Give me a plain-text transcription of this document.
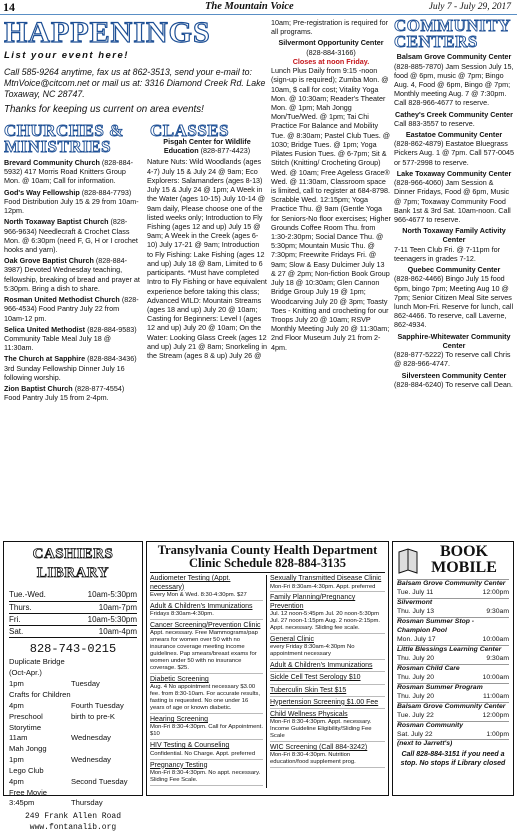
14	The Mountain Voice	July 7 - July 29, 2017
HAPPENINGS
List your event here!
Call 585-9264 anytime, fax us at 862-3513, send your e-mail to: MtnVoice@citcom.net or mail us at: 3316 Diamond Creek Rd. Lake Toxaway, NC 28747.
Thanks for keeping us current on area events!
CHURCHES &
MINISTRIES
CLASSES
Brevard Community Church (828-884-5932) 417 Morris Road Knitters Group Mon. @ 10am; Call for information.
God's Way Fellowship (828-884-7793) Food Distribution July 15 & 29 from 10am-12pm.
North Toxaway Baptist Church (828-966-9634) Needlecraft & Crochet Class Mon. @ 6:30pm (need F, G, H or I crochet hooks and yarn).
Oak Grove Baptist Church (828-884-3987) Devoted Wednesday teaching, fellowship, breaking of bread and prayer at 5:30pm. Bring a dish to share.
Rosman United Methodist Church (828-966-4534) Food Pantry July 22 from 10am-12 pm.
Selica United Methodist (828-884-9583) Community Table Meal July 18 @ 11:30am.
The Church at Sapphire (828-884-3436) 3rd Sunday Fellowship Dinner July 16 following worship.
Zion Baptist Church (828-877-4554) Food Pantry July 15 from 2-4pm.
Pisgah Center for Wildlife Education (828-877-4423)
Nature Nuts: Wild Woodlands (ages 4-7) July 15 & July 24 @ 9am; Eco Explorers: Salamanders (ages 8-13) July 15 & July 24 @ 1pm; A Week in the Water (ages 10-15) July 10-14 @ 9am daily, Please choose one of the listed weeks only; Introduction to Fly Fishing (ages 12 and up) July 15 @ 9am; A Week in the Creek (ages 6-10) July 17-21 @ 9am; Introduction to Fly Fishing: Lake Fishing (ages 12 and up) July 18 @ 8am, Limited to 6 participants. *Must have completed Intro to Fly Fishing or have equivalent experience before taking this class; Advanced WILD: Mountain Streams (ages 18 and up) July 20 @ 10am; Casting for Beginners: Level I (ages 12 and up) July 20 @ 10am; On the Water: Looking Glass Creek (ages 12 and up) July 21 @ 8am; Snorkeling in the Stream (ages 8 & up) July 26 @
10am; Pre-registration is required for all programs.
Silvermont Opportunity Center (828-884-3166)
Closes at noon Friday.
Lunch Plus Daily from 9:15 -noon (sign-up is required); Zumba Mon. @ 10am, $ call for cost; Vitality Yoga Mon. @ 10:30am; Reader's Theater Mon. @ 1pm; Mah Jongg Mon/Tue/Wed. @ 1pm; Tai Chi Practice For Balance and Mobility Tue. @ 8:30am; Pastel Club Tues. @ 1030; Bridge Tues. @ 1pm; Yoga Pilates Fusion Tues. @ 6-7pm; Sit & Stitch (Knitting/ Crocheting Group) Wed. @ 10am; Free Ageless Grace® Wed. @ 11:30am, Classroom space is limited, call to register at 684-8798. Scrabble Wed. 12:15pm; Yoga Practice Thu. @ 9am (Gentle Yoga for Seniors-No floor exercises; Higher Grounds Coffee Room Thu. from 1:30-2:30pm; Social Dance Thu. @ 5:30pm; Mountain Music Thu. @ 7:30pm; Freewrite Fridays Fri. @ 9am; Slow & Easy Dulcimer July 13 & 27 @ 2pm; Non-fiction Book Group July 18 @ 10:30am; Glen Cannon Bridge Group July 19 @ 1pm; Woodcarving July 20 @ 3pm; Toasty Toes - Knitting and crocheting for our Troops July 20 @ 10am; RSVP Monthly Meeting July 20 @ 11:30am; 2nd Floor Museum July 21 from 2-4pm.
COMMUNITY
CENTERS
Balsam Grove Community Center
(828-885-7870) Jam Session July 15, food @ 6pm, music @ 7pm; Bingo Aug. 4, Food @ 6pm, Bingo @ 7pm; Monthly meeting Aug. 7 @ 7:30pm. Call 828-966-4677 to reserve.
Cathey's Creek Community Center
Call 883-3557 to reserve.
Eastatoe Community Center
(828-862-4879) Eastatoe Bluegrass Pickers Aug. 1 @ 7pm. Call 577-0045 or 577-2998 to reserve.
Lake Toxaway Community Center
(828-966-4060) Jam Session & Dinner Fridays, Food @ 6pm, Music @ 7pm; Toxaway Community Food Bank 1st & 3rd Sat. 10am-noon. Call 966-4677 to reserve.
North Toxaway Family Activity Center
7-11 Teen Club Fri. @ 7-11pm for teenagers in grades 7-12.
Quebec Community Center
(828-862-4466) Bingo July 15 food 6pm, bingo 7pm; Meeting Aug 10 @ 7pm; Senior Citizen Meal Site serves lunch Mon-Fri. Reserve for lunch, call 862-4466. To reserve, call Laverne, 862-4934.
Sapphire-Whitewater Community Center
(828-877-5222) To reserve call Chris @ 828-966-4747.
Silversteen Community Center
(828-884-6240) To reserve call Dean.
CASHIERS LIBRARY
Tue.-Wed.	10am-5:30pm
Thurs.	10am-7pm
Fri.	10am-5:30pm
Sat.	10am-4pm
828-743-0215
Duplicate Bridge (Oct-Apr.)
1pm	Tuesday
Crafts for Children
4pm	Fourth Tuesday
Preschool Storytime
birth to pre-K
11am	Wednesday
Mah Jongg
1pm	Wednesday
Lego Club
4pm	Second Tuesday
Free Movie
3:45pm	Thursday
249 Frank Allen Road
www.fontanalib.org
Transylvania County Health Department
Clinic Schedule 828-884-3135
Audiometer Testing (Appt. necessary)
Every Mon & Wed. 8:30-4:30pm. $27
Adult & Children's Immunizations
Fridays 8:30am-4:30pm.
Cancer Screening/Prevention Clinic
Appt. necessary. Free Mammograms/pap smears for women over 50 with no insurance coverage meeting income guidelines. Pap smears/breast exams for women under 50 with no insurance coverage. $25.
Diabetic Screening
Aug. 4 No appointment necessary $3.00 fee. from 8:30-10am. For accurate results, fasting is requested. No one under 16 years of age or known diabetic.
Hearing Screening
Mon-Fri 8:30-4:30pm. Call for Appointment. $10
HIV Testing & Counseling
Confidential. No Charge. Appt. preferred
Pregnancy Testing
Mon-Fri 8:30-4:30pm. No appt. necessary. Sliding Fee Scale.
Sexually Transmitted Disease Clinic
Mon-Fri 8:30am-4:30pm. Appt. preferred
Family Planning/Pregnancy Prevention
Jul. 12 noon-5:45pm Jul. 20 noon-5:30pm Jul. 27 noon-1:15pm Aug. 2 noon-2:15pm. Appt. necessary. Sliding fee scale.
General Clinic
every Friday 8:30am-4:30pm No appointment necessary
Adult & Children's Immunizations
Sickle Cell Test Serology $10
Tuberculin Skin Test $15
Hypertension Screening $1.00 Fee
Child Wellness Physicals
Mon-Fri 8:30-4:30pm. Appt. necessary. Income Guideline Eligibility/Sliding Fee Scale
WIC Screening (Call 884-3242)
Mon-Fri 8:30-4:30pm. Nutrition education/food supplement prog.
BOOK
MOBILE
Balsam Grove Community Center
Tue. July 11	12:00pm
Silvermont
Thu. July 13	9:30am
Rosman Summer Stop - Champion Pool
Mon. July 17	10:00am
Little Blessings Learning Center
Thu. July 20	9:30am
Rosman Child Care
Thu. July 20	10:00am
Rosman Summer Program
Thu. July 20	11:00am
Balsam Grove Community Center
Tue. July 22	12:00pm
Rosman Community
Sat. July 22	1:00pm
(next to Jarrett's)
Call 828-884-3151 if you need a stop. No stops if Library closed
